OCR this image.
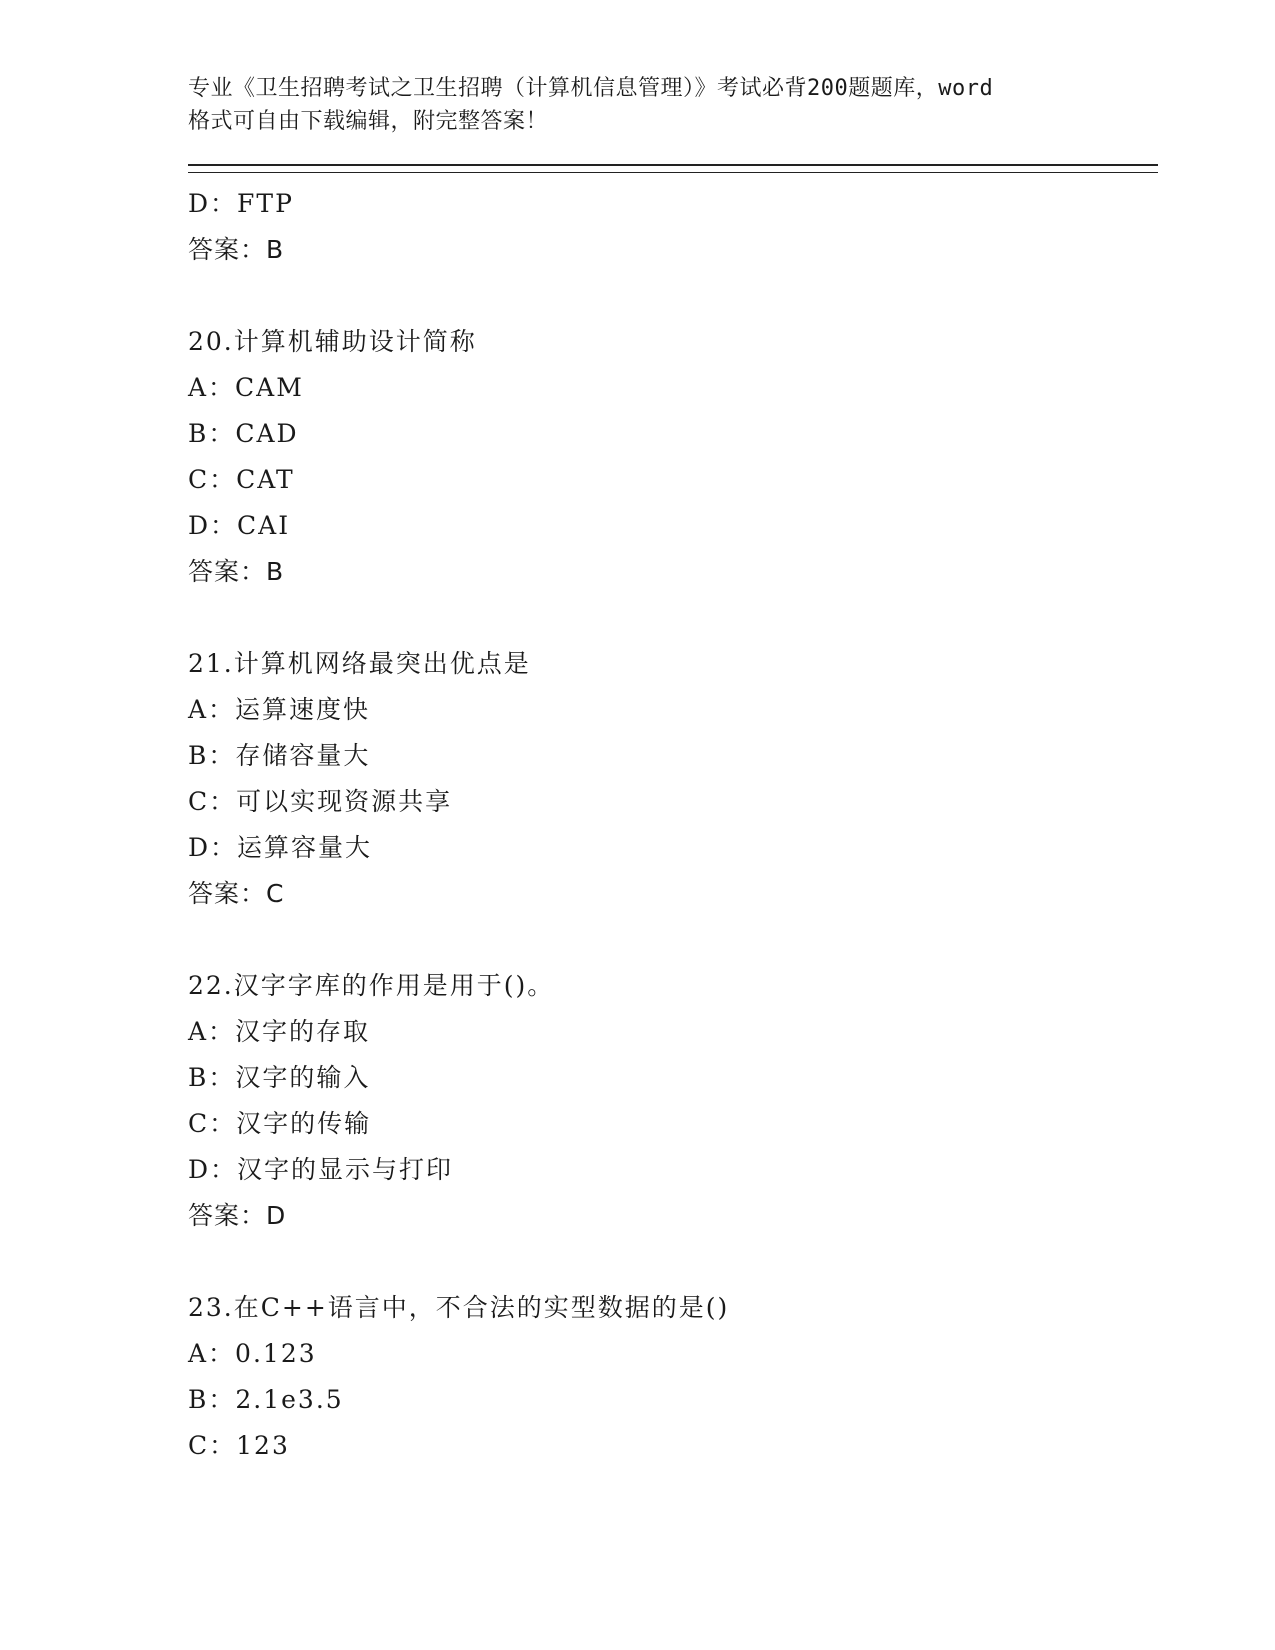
专业《卫生招聘考试之卫生招聘（计算机信息管理）》考试必背200题题库，word

格式可自由下载编辑，附完整答案！

D：FTP
答案：B
20.计算机辅助设计简称
A：CAM
B：CAD
C：CAT
D：CAI
答案：B
21.计算机网络最突出优点是
A：运算速度快
B：存储容量大
C：可以实现资源共享
D：运算容量大
答案：C
22.汉字字库的作用是用于()。
A：汉字的存取
B：汉字的输入
C：汉字的传输
D：汉字的显示与打印
答案：D
23.在C++语言中，不合法的实型数据的是()
A：0.123
B：2.1e3.5
C：123
